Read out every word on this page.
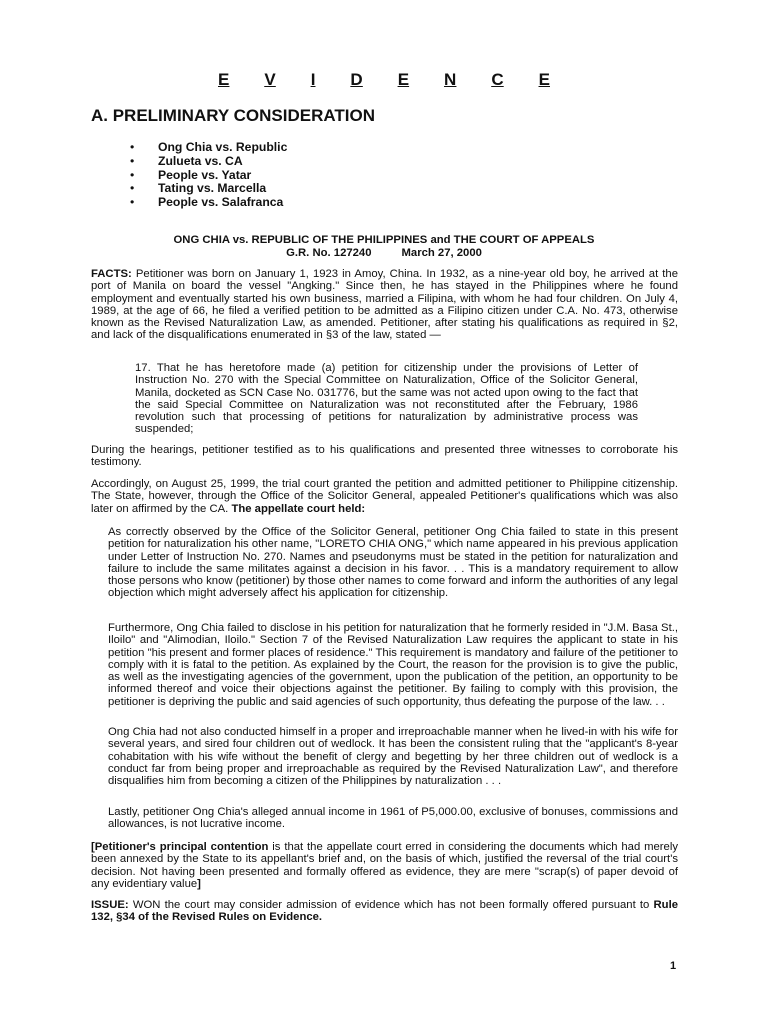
E V I D E N C E
A. PRELIMINARY CONSIDERATION
• Ong Chia vs. Republic
• Zulueta vs. CA
• People vs. Yatar
• Tating vs. Marcella
• People vs. Salafranca
ONG CHIA vs. REPUBLIC OF THE PHILIPPINES and THE COURT OF APPEALS
G.R. No. 127240	March 27, 2000

FACTS: Petitioner was born on January 1, 1923 in Amoy, China. In 1932, as a nine-year old boy, he arrived at the port of Manila on board the vessel "Angking." Since then, he has stayed in the Philippines where he found employment and eventually started his own business, married a Filipina, with whom he had four children. On July 4, 1989, at the age of 66, he filed a verified petition to be admitted as a Filipino citizen under C.A. No. 473, otherwise known as the Revised Naturalization Law, as amended. Petitioner, after stating his qualifications as required in §2, and lack of the disqualifications enumerated in §3 of the law, stated —

17. That he has heretofore made (a) petition for citizenship under the provisions of Letter of Instruction No. 270 with the Special Committee on Naturalization, Office of the Solicitor General, Manila, docketed as SCN Case No. 031776, but the same was not acted upon owing to the fact that the said Special Committee on Naturalization was not reconstituted after the February, 1986 revolution such that processing of petitions for naturalization by administrative process was suspended;

During the hearings, petitioner testified as to his qualifications and presented three witnesses to corroborate his testimony.

Accordingly, on August 25, 1999, the trial court granted the petition and admitted petitioner to Philippine citizenship. The State, however, through the Office of the Solicitor General, appealed Petitioner's qualifications which was also later on affirmed by the CA. The appellate court held:

As correctly observed by the Office of the Solicitor General, petitioner Ong Chia failed to state in this present petition for naturalization his other name, "LORETO CHIA ONG," which name appeared in his previous application under Letter of Instruction No. 270. Names and pseudonyms must be stated in the petition for naturalization and failure to include the same militates against a decision in his favor. . . This is a mandatory requirement to allow those persons who know (petitioner) by those other names to come forward and inform the authorities of any legal objection which might adversely affect his application for citizenship.

Furthermore, Ong Chia failed to disclose in his petition for naturalization that he formerly resided in "J.M. Basa St., Iloilo" and "Alimodian, Iloilo." Section 7 of the Revised Naturalization Law requires the applicant to state in his petition "his present and former places of residence." This requirement is mandatory and failure of the petitioner to comply with it is fatal to the petition. As explained by the Court, the reason for the provision is to give the public, as well as the investigating agencies of the government, upon the publication of the petition, an opportunity to be informed thereof and voice their objections against the petitioner. By failing to comply with this provision, the petitioner is depriving the public and said agencies of such opportunity, thus defeating the purpose of the law. . .

Ong Chia had not also conducted himself in a proper and irreproachable manner when he lived-in with his wife for several years, and sired four children out of wedlock. It has been the consistent ruling that the "applicant's 8-year cohabitation with his wife without the benefit of clergy and begetting by her three children out of wedlock is a conduct far from being proper and irreproachable as required by the Revised Naturalization Law", and therefore disqualifies him from becoming a citizen of the Philippines by naturalization . . .

Lastly, petitioner Ong Chia's alleged annual income in 1961 of P5,000.00, exclusive of bonuses, commissions and allowances, is not lucrative income.

[Petitioner's principal contention is that the appellate court erred in considering the documents which had merely been annexed by the State to its appellant's brief and, on the basis of which, justified the reversal of the trial court's decision. Not having been presented and formally offered as evidence, they are mere "scrap(s) of paper devoid of any evidentiary value]

ISSUE: WON the court may consider admission of evidence which has not been formally offered pursuant to Rule 132, §34 of the Revised Rules on Evidence.

1
